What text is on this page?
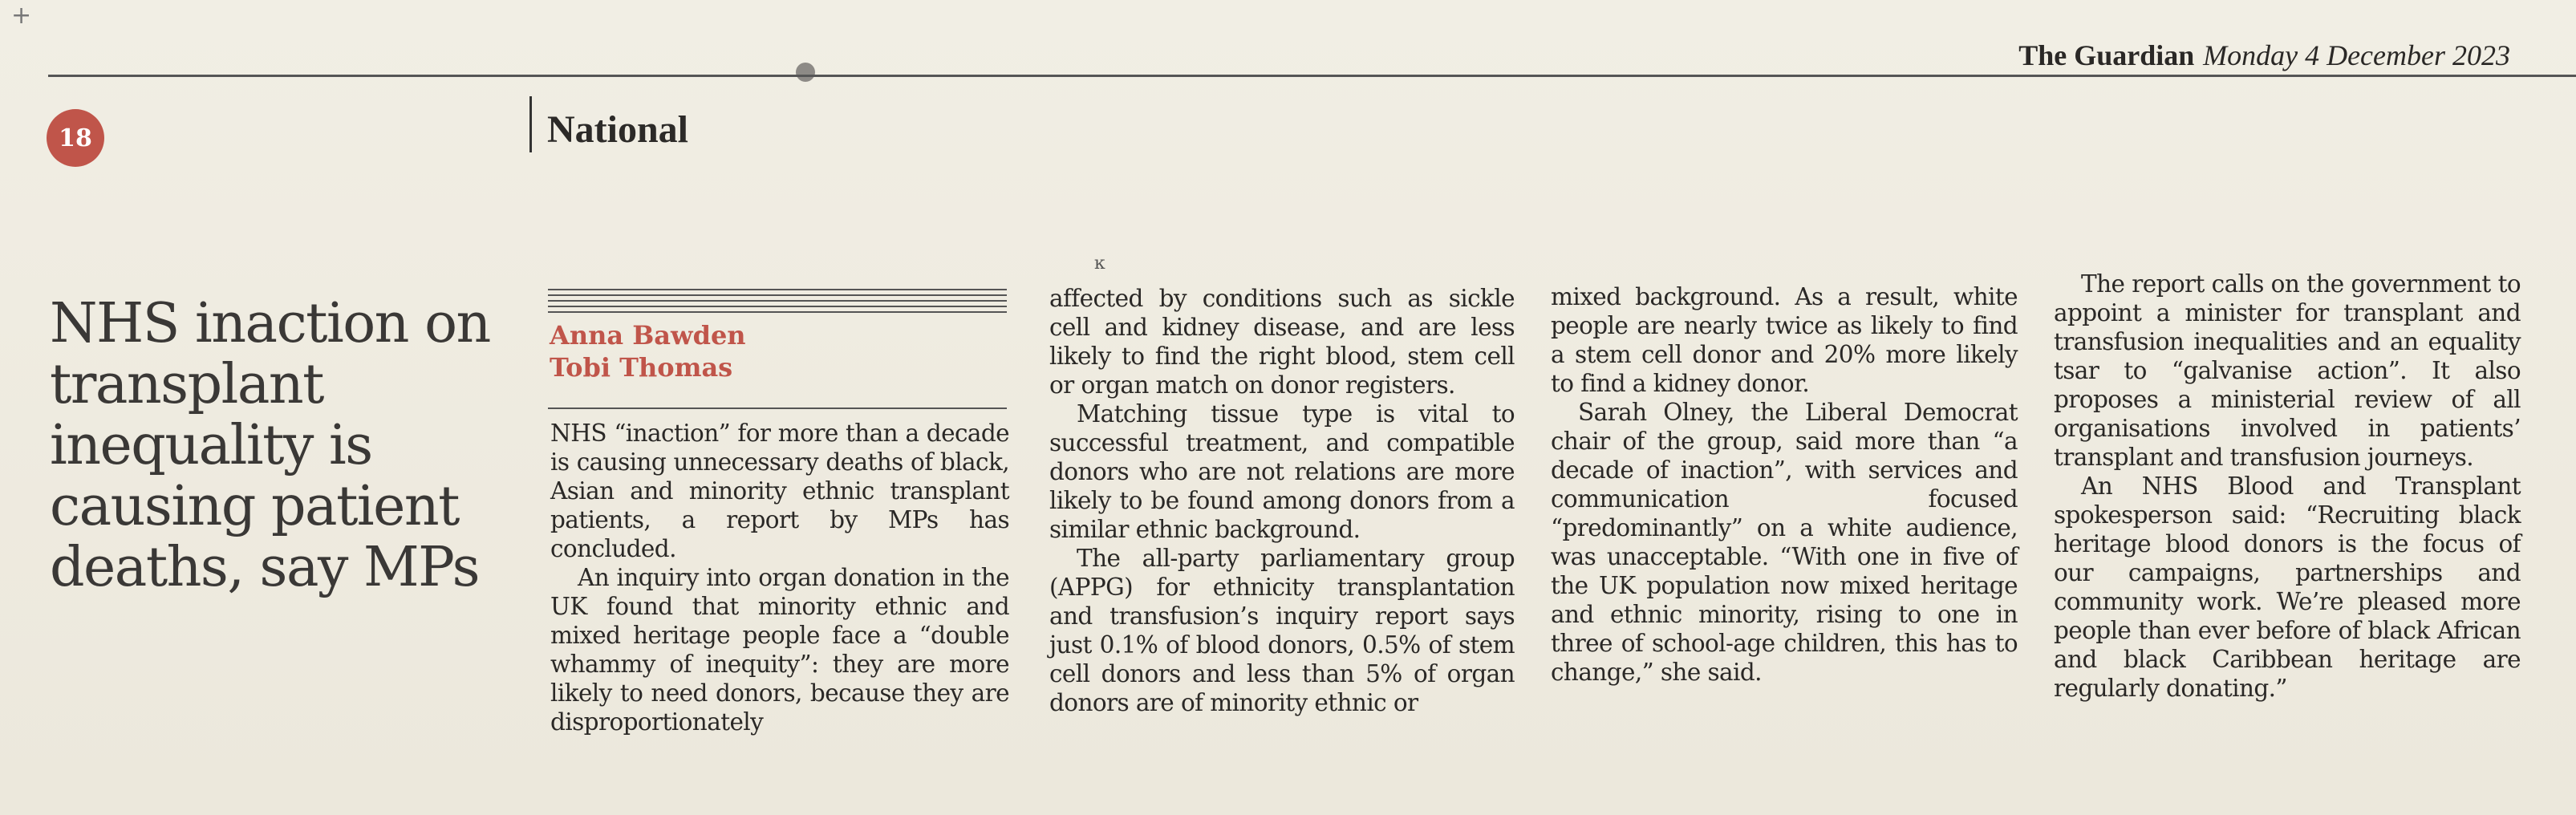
+
The Guardian Monday 4 December 2023
18	National
NHS inaction on transplant inequality is causing patient deaths, say MPs
Anna Bawden
Tobi Thomas
ĸ

NHS “inaction” for more than a decade is causing unnecessary deaths of black, Asian and minority ethnic transplant patients, a report by MPs has concluded.

An inquiry into organ donation in the UK found that minority ethnic and mixed heritage people face a “double whammy of inequity”: they are more likely to need donors, because they are disproportionately

affected by conditions such as sickle cell and kidney disease, and are less likely to find the right blood, stem cell or organ match on donor registers.

Matching tissue type is vital to successful treatment, and compatible donors who are not relations are more likely to be found among donors from a similar ethnic background.

The all-party parliamentary group (APPG) for ethnicity transplantation and transfusion’s inquiry report says just 0.1% of blood donors, 0.5% of stem cell donors and less than 5% of organ donors are of minority ethnic or

mixed background. As a result, white people are nearly twice as likely to find a stem cell donor and 20% more likely to find a kidney donor.

Sarah Olney, the Liberal Democrat chair of the group, said more than “a decade of inaction”, with services and communication focused “predominantly” on a white audience, was unacceptable. “With one in five of the UK population now mixed heritage and ethnic minority, rising to one in three of school-age children, this has to change,” she said.

The report calls on the government to appoint a minister for transplant and transfusion inequalities and an equality tsar to “galvanise action”. It also proposes a ministerial review of all organisations involved in patients’ transplant and transfusion journeys.

An NHS Blood and Transplant spokesperson said: “Recruiting black heritage blood donors is the focus of our campaigns, partnerships and community work. We’re pleased more people than ever before of black African and black Caribbean heritage are regularly donating.”
